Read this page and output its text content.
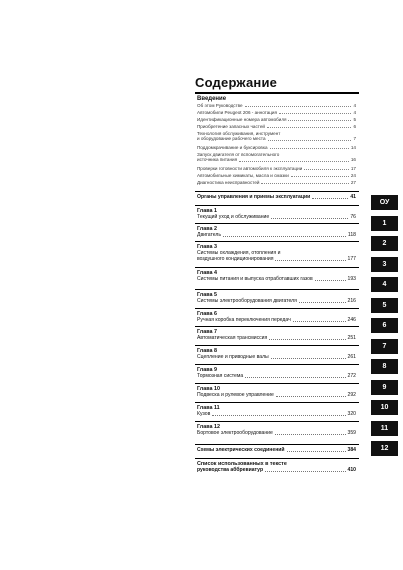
Содержание
Введение
Об этом Руководстве	4
Автомобили Peugeot 206 - аннотация	4
Идентификационные номера автомобиля	5
Приобретение запасных частей	6
Технология обслуживания, инструмент
и оборудование рабочего места	7
Поддомкрачивание и буксировка	14
Запуск двигателя от вспомогательного
источника питания	16
Проверки готовности автомобиля к эксплуатации	17
Автомобильные химикаты, масла и смазки	24
Диагностика неисправностей	27
Органы управления и приемы эксплуатации	41
Глава 1
Текущий уход и обслуживание	76
Глава 2
Двигатель	118
Глава 3
Системы охлаждения, отопления и
воздушного кондиционирования	177
Глава 4
Системы питания и выпуска отработавших газов	193
Глава 5
Системы электрооборудования двигателя	216
Глава 6
Ручная коробка переключения передач	246
Глава 7
Автоматическая трансмиссия	251
Глава 8
Сцепление и приводные валы	261
Глава 9
Тормозная система	272
Глава 10
Подвеска и рулевое управление	292
Глава 11
Кузов	320
Глава 12
Бортовое электрооборудование	359
Схемы электрических соединений	384
Список использованных в тексте
руководства аббревиатур	410
ОУ
1
2
3
4
5
6
7
8
9
10
11
12
